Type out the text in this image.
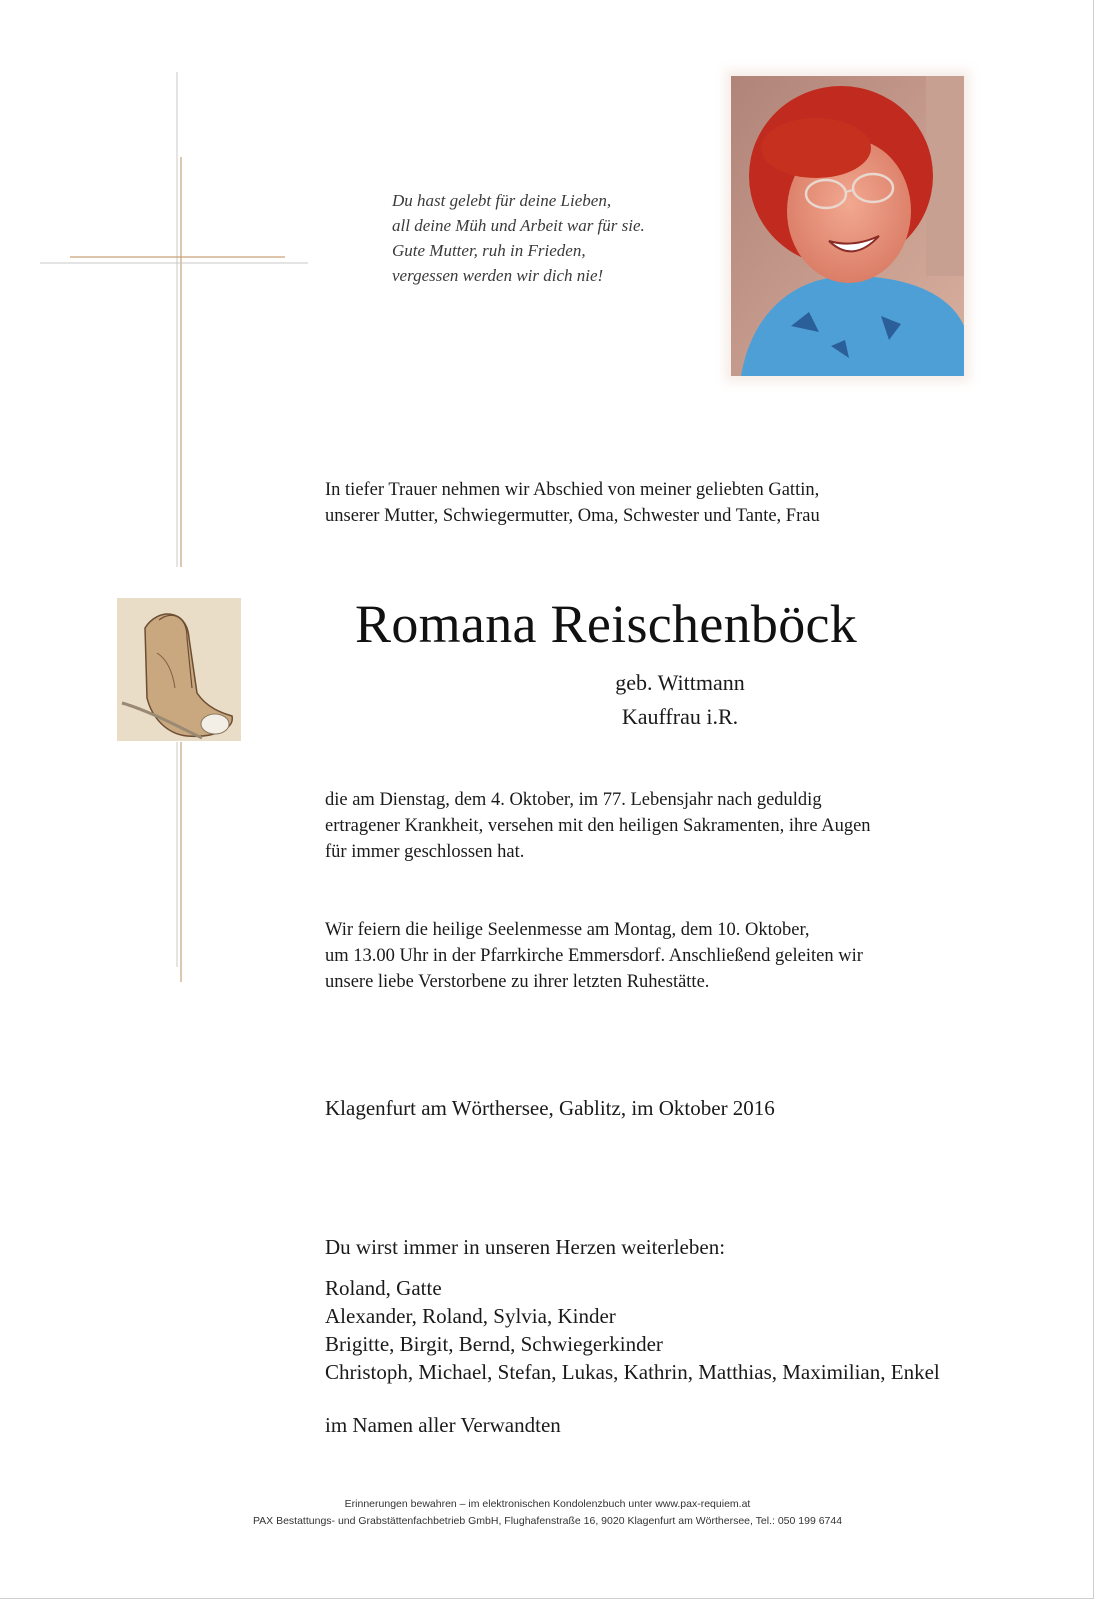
Du hast gelebt für deine Lieben,
all deine Müh und Arbeit war für sie.
Gute Mutter, ruh in Frieden,
vergessen werden wir dich nie!
In tiefer Trauer nehmen wir Abschied von meiner geliebten Gattin,
unserer Mutter, Schwiegermutter, Oma, Schwester und Tante, Frau
Romana Reischenböck
geb. Wittmann
Kauffrau i.R.
die am Dienstag, dem 4. Oktober, im 77. Lebensjahr nach geduldig
ertragener Krankheit, versehen mit den heiligen Sakramenten, ihre Augen
für immer geschlossen hat.
Wir feiern die heilige Seelenmesse am Montag, dem 10. Oktober,
um 13.00 Uhr in der Pfarrkirche Emmersdorf. Anschließend geleiten wir
unsere liebe Verstorbene zu ihrer letzten Ruhestätte.
Klagenfurt am Wörthersee, Gablitz, im Oktober 2016
Du wirst immer in unseren Herzen weiterleben:
Roland, Gatte
Alexander, Roland, Sylvia, Kinder
Brigitte, Birgit, Bernd, Schwiegerkinder
Christoph, Michael, Stefan, Lukas, Kathrin, Matthias, Maximilian, Enkel
im Namen aller Verwandten
Erinnerungen bewahren – im elektronischen Kondolenzbuch unter www.pax-requiem.at
PAX Bestattungs- und Grabstättenfachbetrieb GmbH, Flughafenstraße 16, 9020 Klagenfurt am Wörthersee, Tel.: 050 199 6744
